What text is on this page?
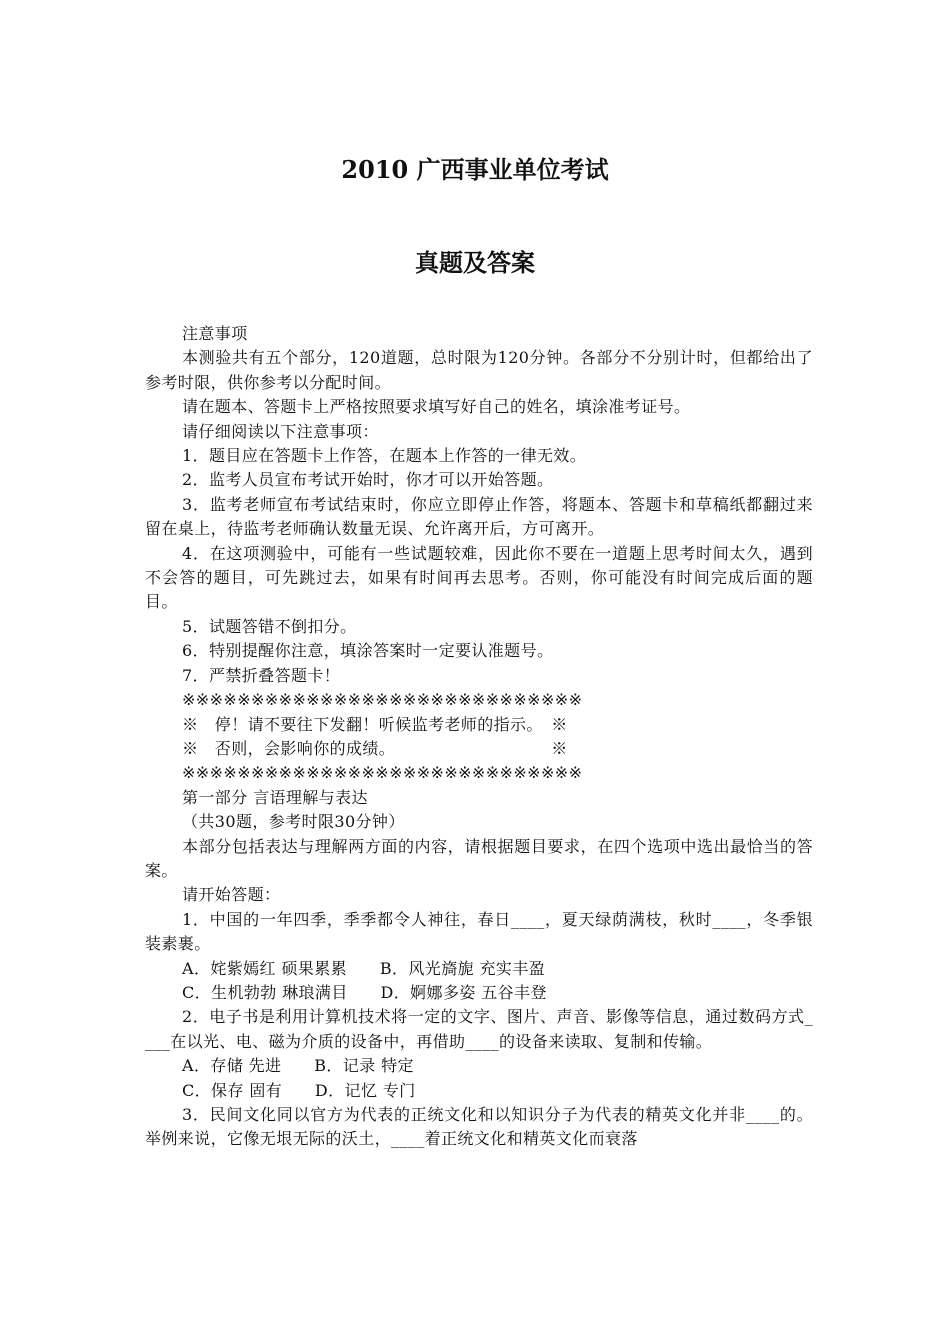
2010 广西事业单位考试
真题及答案

注意事项

本测验共有五个部分，120道题，总时限为120分钟。各部分不分别计时，但都给出了参考时限，供你参考以分配时间。

请在题本、答题卡上严格按照要求填写好自己的姓名，填涂准考证号。

请仔细阅读以下注意事项：

1．题目应在答题卡上作答，在题本上作答的一律无效。

2．监考人员宣布考试开始时，你才可以开始答题。

3．监考老师宣布考试结束时，你应立即停止作答，将题本、答题卡和草稿纸都翻过来留在桌上，待监考老师确认数量无误、允许离开后，方可离开。

4．在这项测验中，可能有一些试题较难，因此你不要在一道题上思考时间太久，遇到不会答的题目，可先跳过去，如果有时间再去思考。否则，你可能没有时间完成后面的题目。

5．试题答错不倒扣分。

6．特别提醒你注意，填涂答案时一定要认准题号。

7．严禁折叠答题卡！

※※※※※※※※※※※※※※※※※※※※※※※※※※※※※

※　停！请不要往下发翻！听候监考老师的指示。　※

※　否则，会影响你的成绩。　　　　　　　　　　※

※※※※※※※※※※※※※※※※※※※※※※※※※※※※※

第一部分 言语理解与表达

（共30题，参考时限30分钟）

本部分包括表达与理解两方面的内容，请根据题目要求，在四个选项中选出最恰当的答案。

请开始答题：

1．中国的一年四季，季季都令人神往，春日____，夏天绿荫满枝，秋时____，冬季银装素裹。

A．姹紫嫣红 硕果累累　　B．风光旖旎 充实丰盈

C．生机勃勃 琳琅满目　　D．婀娜多姿 五谷丰登

2．电子书是利用计算机技术将一定的文字、图片、声音、影像等信息，通过数码方式____在以光、电、磁为介质的设备中，再借助____的设备来读取、复制和传输。

A．存储 先进　　B．记录 特定

C．保存 固有　　D．记忆 专门

3．民间文化同以官方为代表的正统文化和以知识分子为代表的精英文化并非____的。举例来说，它像无垠无际的沃土，____着正统文化和精英文化而衰落
